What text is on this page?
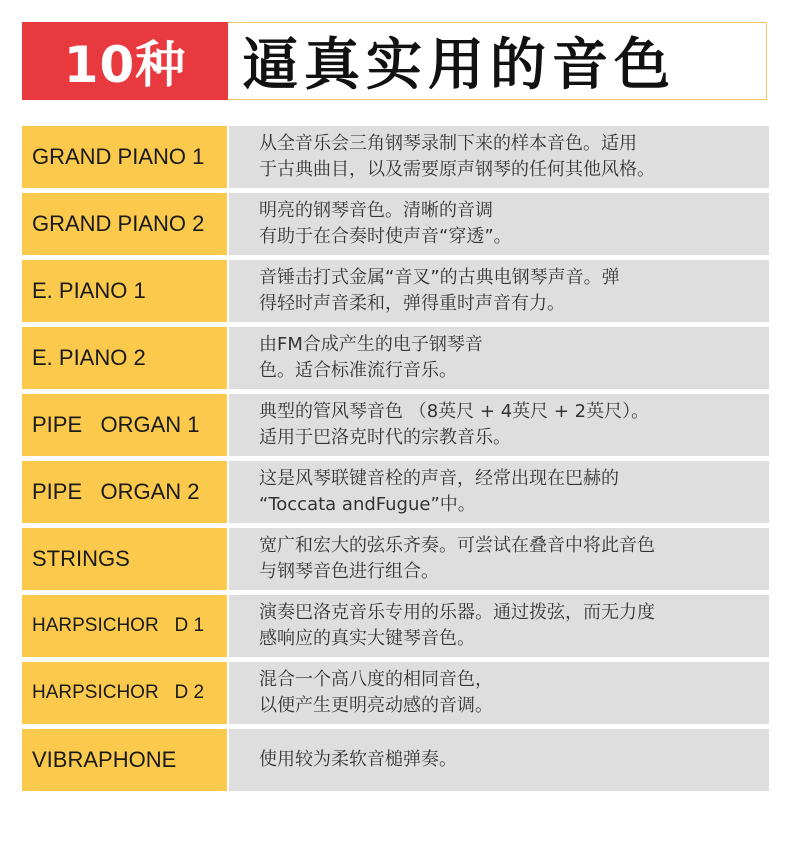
10种 逼真实用的音色
GRAND PIANO 1
从全音乐会三角钢琴录制下来的样本音色。适用
于古典曲目，以及需要原声钢琴的任何其他风格。
GRAND PIANO 2
明亮的钢琴音色。清晰的音调
有助于在合奏时使声音“穿透”。
E. PIANO 1
音锤击打式金属“音叉”的古典电钢琴声音。弹
得轻时声音柔和，弹得重时声音有力。
E. PIANO 2
由FM合成产生的电子钢琴音
色。适合标准流行音乐。
PIPE   ORGAN 1
典型的管风琴音色 （8英尺 + 4英尺 + 2英尺）。
适用于巴洛克时代的宗教音乐。
PIPE   ORGAN 2
这是风琴联键音栓的声音，经常出现在巴赫的
“Toccata andFugue”中。
STRINGS
宽广和宏大的弦乐齐奏。可尝试在叠音中将此音色
与钢琴音色进行组合。
HARPSICHOR   D 1
演奏巴洛克音乐专用的乐器。通过拨弦，而无力度
感响应的真实大键琴音色。
HARPSICHOR   D 2
混合一个高八度的相同音色，
以便产生更明亮动感的音调。
VIBRAPHONE	使用较为柔软音槌弹奏。
